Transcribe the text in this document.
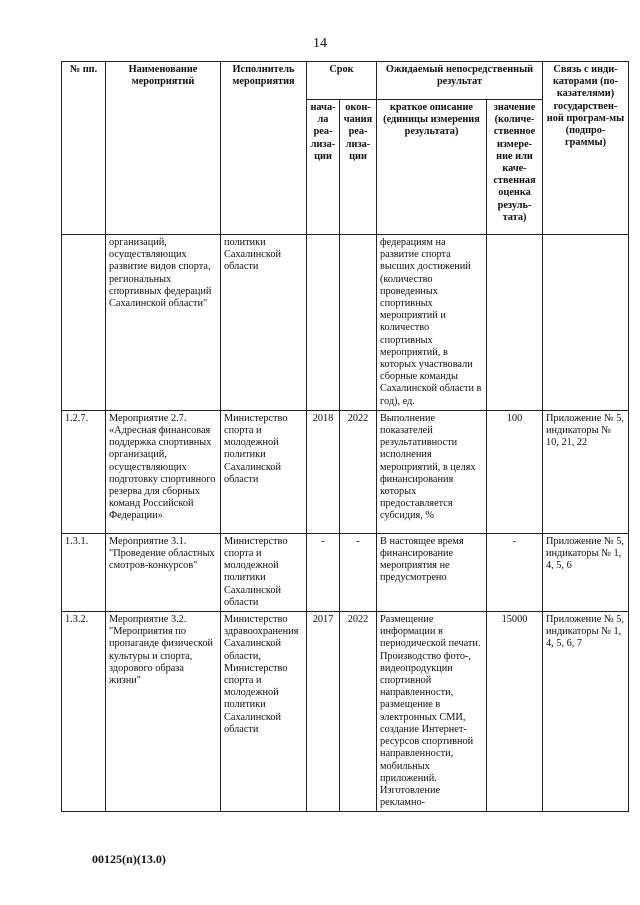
14
№ пп.	Наименование мероприятий	Исполнитель мероприятия	Срок		Ожидаемый непосредственный результат		Связь с инди-каторами (по-казателями) государствен-ной програм-мы (подпро-граммы)
			нача-ла реа-лиза-ции	окон-чания реа-лиза-ции	краткое описание (единицы измерения результата)	значение (количе-ственное измере-ние или каче-ственная оценка резуль-тата)	
	организаций, осуществляющих развитие видов спорта, региональных спортивных федераций Сахалинской области"	политики Сахалинской области			федерациям на развитие спорта высших достижений (количество проведенных спортивных мероприятий и количество спортивных мероприятий, в которых участвовали сборные команды Сахалинской области в год), ед.		
1.2.7.	Мероприятие 2.7. «Адресная финансовая поддержка спортивных организаций, осуществляющих подготовку спортивного резерва для сборных команд Российской Федерации»	Министерство спорта и молодежной политики Сахалинской области	2018	2022	Выполнение показателей результативности исполнения мероприятий, в целях финансирования которых предоставляется субсидия, %	100	Приложение № 5, индикаторы № 10, 21, 22
1.3.1.	Мероприятие 3.1. "Проведение областных смотров-конкурсов"	Министерство спорта и молодежной политики Сахалинской области	-	-	В настоящее время финансирование мероприятия не предусмотрено	-	Приложение № 5, индикаторы № 1, 4, 5, 6
1.3.2.	Мероприятие 3.2. "Мероприятия по пропаганде физической культуры и спорта, здорового образа жизни"	Министерство здравоохранения Сахалинской области, Министерство спорта и молодежной политики Сахалинской области	2017	2022	Размещение информации в периодической печати. Производство фото-, видеопродукции спортивной направленности, размещение в электронных СМИ, создание Интернет-ресурсов спортивной направленности, мобильных приложений. Изготовление рекламно-	15000	Приложение № 5, индикаторы № 1, 4, 5, 6, 7
00125(п)(13.0)
